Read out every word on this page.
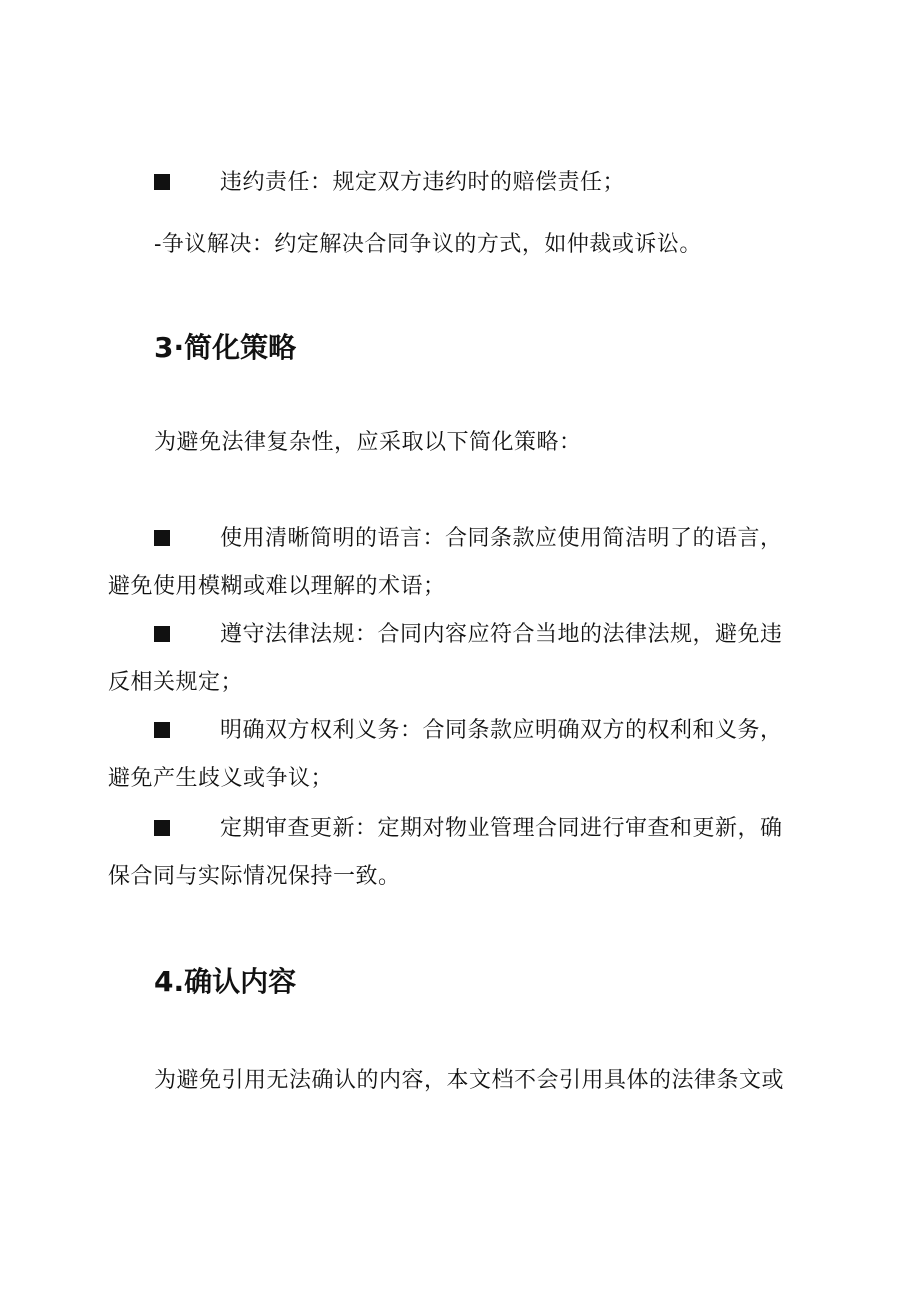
违约责任：规定双方违约时的赔偿责任；
-争议解决：约定解决合同争议的方式，如仲裁或诉讼。
3·简化策略
为避免法律复杂性，应采取以下简化策略：
使用清晰简明的语言：合同条款应使用简洁明了的语言，
避免使用模糊或难以理解的术语；
遵守法律法规：合同内容应符合当地的法律法规，避免违
反相关规定；
明确双方权利义务：合同条款应明确双方的权利和义务，
避免产生歧义或争议；
定期审查更新：定期对物业管理合同进行审查和更新，确
保合同与实际情况保持一致。
4.确认内容
为避免引用无法确认的内容，本文档不会引用具体的法律条文或
